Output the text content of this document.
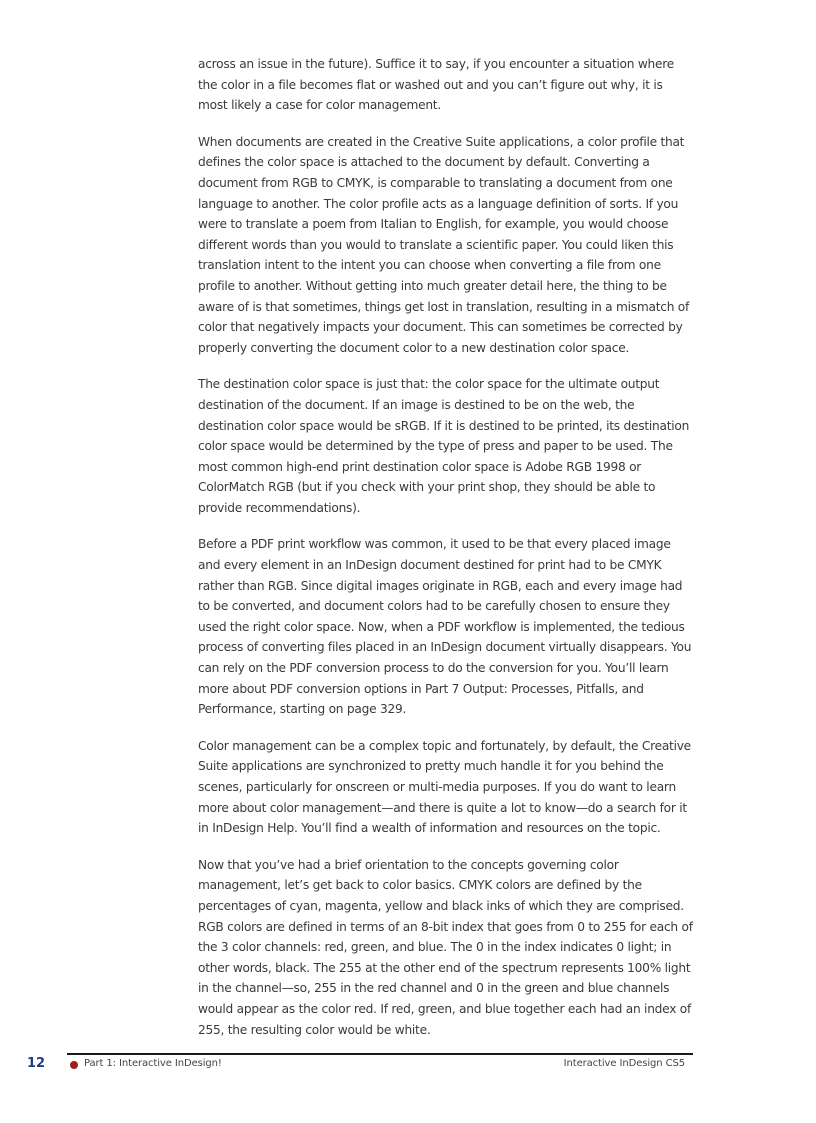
across an issue in the future). Suffice it to say, if you encounter a situation where the color in a file becomes flat or washed out and you can’t figure out why, it is most likely a case for color management.

When documents are created in the Creative Suite applications, a color profile that defines the color space is attached to the document by default. Converting a document from RGB to CMYK, is comparable to translating a document from one language to another. The color profile acts as a language definition of sorts. If you were to translate a poem from Italian to English, for example, you would choose different words than you would to translate a scientific paper. You could liken this translation intent to the intent you can choose when converting a file from one profile to another. Without getting into much greater detail here, the thing to be aware of is that sometimes, things get lost in translation, resulting in a mismatch of color that negatively impacts your document. This can sometimes be corrected by properly converting the document color to a new destination color space.

The destination color space is just that: the color space for the ultimate output destination of the document. If an image is destined to be on the web, the destination color space would be sRGB. If it is destined to be printed, its destination color space would be determined by the type of press and paper to be used. The most common high-end print destination color space is Adobe RGB 1998 or ColorMatch RGB (but if you check with your print shop, they should be able to provide recommendations).

Before a PDF print workflow was common, it used to be that every placed image and every element in an InDesign document destined for print had to be CMYK rather than RGB. Since digital images originate in RGB, each and every image had to be converted, and document colors had to be carefully chosen to ensure they used the right color space. Now, when a PDF workflow is implemented, the tedious process of converting files placed in an InDesign document virtually disappears. You can rely on the PDF conversion process to do the conversion for you. You’ll learn more about PDF conversion options in Part 7 Output: Processes, Pitfalls, and Performance, starting on page 329.

Color management can be a complex topic and fortunately, by default, the Creative Suite applications are synchronized to pretty much handle it for you behind the scenes, particularly for onscreen or multi-media purposes. If you do want to learn more about color management—and there is quite a lot to know—do a search for it in InDesign Help. You’ll find a wealth of information and resources on the topic.

Now that you’ve had a brief orientation to the concepts governing color management, let’s get back to color basics. CMYK colors are defined by the percentages of cyan, magenta, yellow and black inks of which they are comprised. RGB colors are defined in terms of an 8-bit index that goes from 0 to 255 for each of the 3 color channels: red, green, and blue. The 0 in the index indicates 0 light; in other words, black. The 255 at the other end of the spectrum represents 100% light in the channel—so, 255 in the red channel and 0 in the green and blue channels would appear as the color red. If red, green, and blue together each had an index of 255, the resulting color would be white.

12	Part 1: Interactive InDesign!	Interactive InDesign CS5
